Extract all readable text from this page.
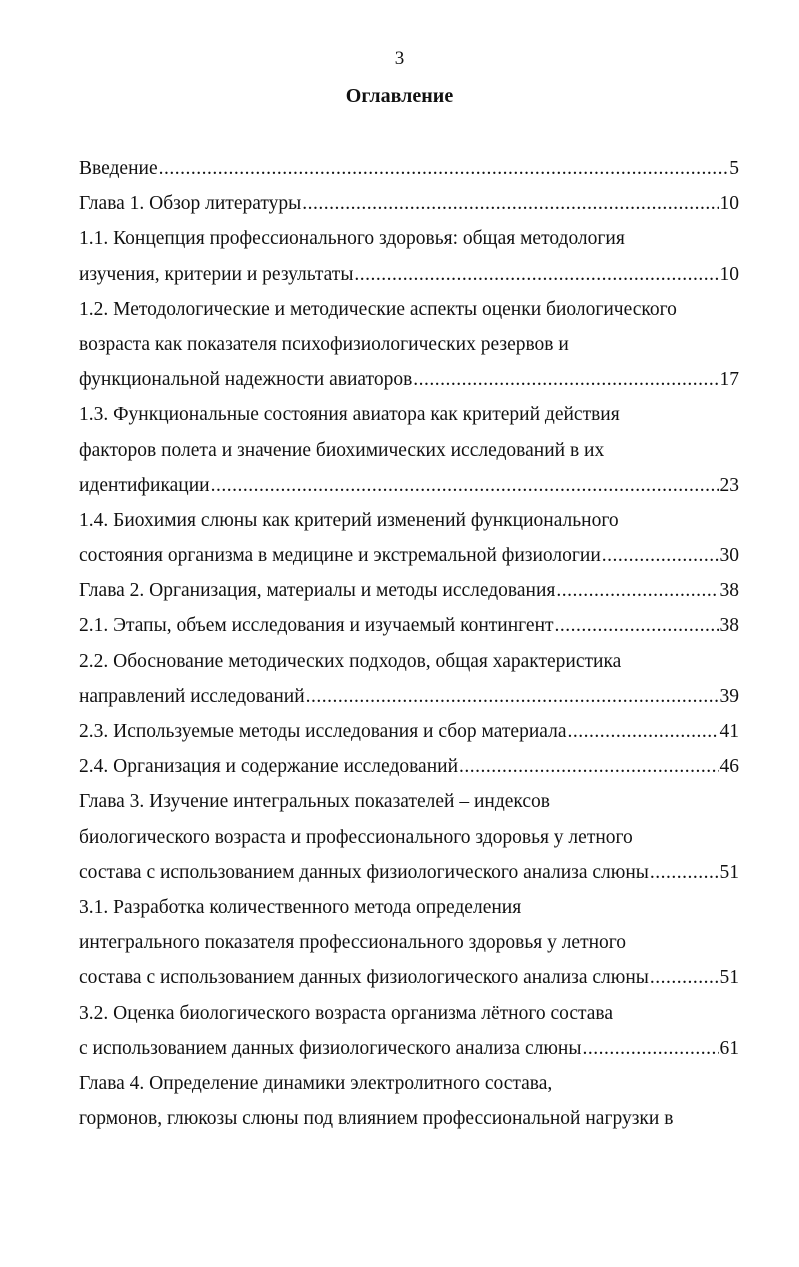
3
Оглавление
Введение .....	5
Глава 1. Обзор литературы .....	10
1.1. Концепция профессионального здоровья: общая методология
изучения, критерии и результаты .....	10
1.2. Методологические и методические аспекты оценки биологического
возраста как показателя психофизиологических резервов и
функциональной надежности авиаторов .....	17
1.3. Функциональные состояния авиатора как критерий действия
факторов полета и значение биохимических исследований в их
идентификации .....	23
1.4. Биохимия слюны как критерий изменений функционального
состояния организма в медицине и экстремальной физиологии .....	30
Глава 2. Организация, материалы и методы исследования .....	38
2.1. Этапы, объем исследования и изучаемый контингент .....	38
2.2. Обоснование методических подходов, общая характеристика
направлений исследований .....	39
2.3. Используемые методы исследования и сбор материала .....	41
2.4. Организация и содержание исследований .....	46
Глава 3. Изучение интегральных показателей – индексов
биологического возраста и профессионального здоровья у летного
состава с использованием данных физиологического анализа слюны .....	51
3.1. Разработка количественного метода определения
интегрального показателя профессионального здоровья у летного
состава с использованием данных физиологического анализа слюны .....	51
3.2. Оценка биологического возраста организма лётного состава
с использованием данных физиологического анализа слюны .....	61
Глава 4. Определение динамики электролитного состава,
гормонов, глюкозы слюны под влиянием профессиональной нагрузки в
